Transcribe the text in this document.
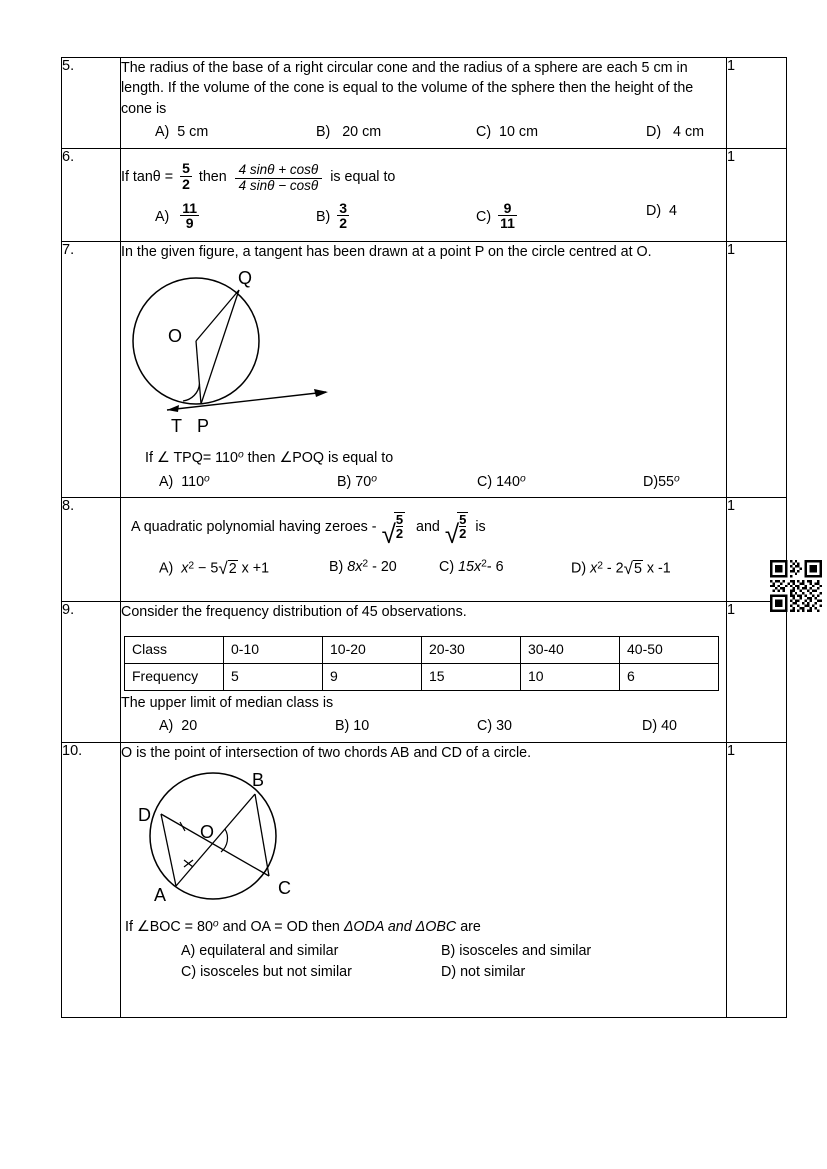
5.	The radius of the base of a right circular cone and the radius of a sphere are each 5 cm in length. If the volume of the cone is equal to the volume of the sphere then the height of the cone is
A) 5 cm	B) 20 cm	C) 10 cm	D) 4 cm
	1
6.	
If $\tan\theta = \frac{5}{2}$ then $\frac{4 \sin\theta + \cos\theta}{4 \sin\theta - \cos\theta}$ is equal to
$A) \frac{11}{9}$	$B) \frac{3}{2}$	$C) \frac{9}{11}$	D) 4
	1
7.	In the given figure, a tangent has been drawn at a point P on the circle centred at O.
Q
O
T P
If ∠ $TPQ= 110^o$ then ∠POQ is equal to
A) 110$^o$	B) 70$^o$	C) 140$^o$	D)55$^o$
	1
8.	
A quadratic polynomial having zeroes - √
$\frac{5}{2}$ and √
$\frac{5}{2}$ is
A) $x^2 - 5√2$ x +1	B) $8x^2 - 20$	C) $15x^2-$ 6	D) $x^2 - 2√5$ x -1
	1
9.	Consider the frequency distribution of 45 observations.
Class	0-10	10-20	20-30	30-40	40-50
Frequency	5	9	15	10	6
The upper limit of median class is
A) 20	B) 10	C) 30	D) 40
	1
10.	O is the point of intersection of two chords AB and CD of a circle.
B
D
O
A	C
If ∠BOC = $80^o$ and OA = OD then ΔODA and ΔOBC are
A) equilateral and similar	B) isosceles and similar
C) isosceles but not similar	D) not similar
	1
